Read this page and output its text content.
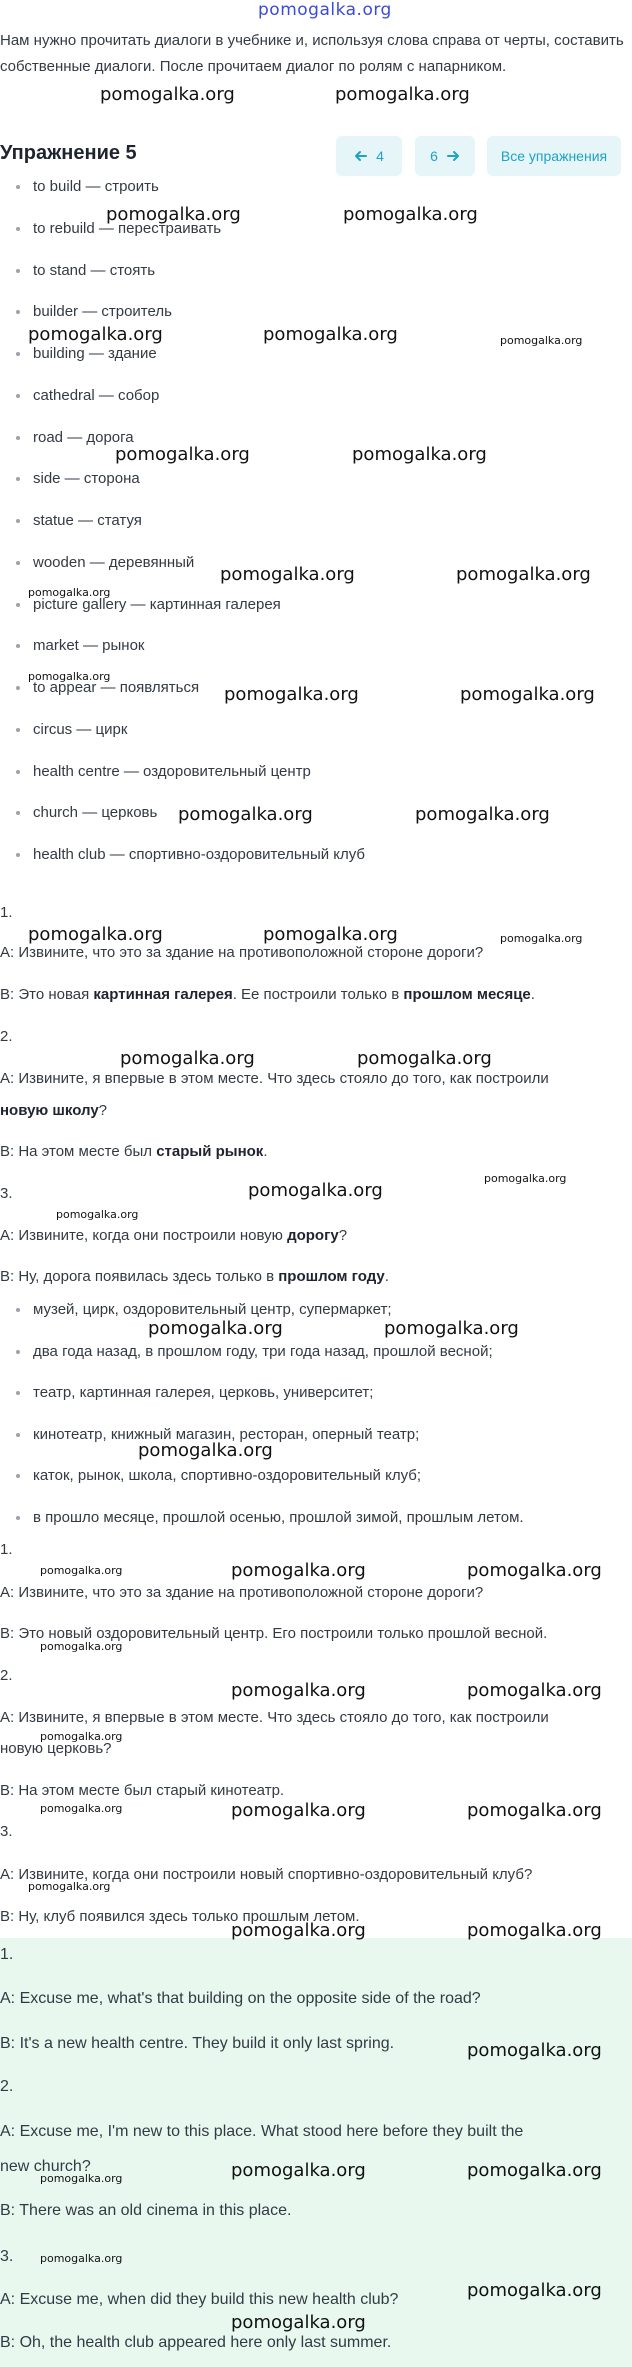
pomogalka.org
Нам нужно прочитать диалоги в учебнике и, используя слова справа от черты, составить собственные диалоги. После прочитаем диалог по ролям с напарником.
Упражнение 5	4	6	Все упражнения
to build — строить
to rebuild — перестраивать
to stand — стоять
builder — строитель
building — здание
cathedral — собор
road — дорога
side — сторона
statue — статуя
wooden — деревянный
picture gallery — картинная галерея
market — рынок
to appear — появляться
circus — цирк
health centre — оздоровительный центр
church — церковь
health club — спортивно-оздоровительный клуб
1.
А: Извините, что это за здание на противоположной стороне дороги?
В: Это новая картинная галерея. Ее построили только в прошлом месяце.
2.
А: Извините, я впервые в этом месте. Что здесь стояло до того, как построили
новую школу?
В: На этом месте был старый рынок.
3.
А: Извините, когда они построили новую дорогу?
В: Ну, дорога появилась здесь только в прошлом году.
музей, цирк, оздоровительный центр, супермаркет;
два года назад, в прошлом году, три года назад, прошлой весной;
театр, картинная галерея, церковь, университет;
кинотеатр, книжный магазин, ресторан, оперный театр;
каток, рынок, школа, спортивно-оздоровительный клуб;
в прошло месяце, прошлой осенью, прошлой зимой, прошлым летом.
1.
А: Извините, что это за здание на противоположной стороне дороги?
В: Это новый оздоровительный центр. Его построили только прошлой весной.
2.
А: Извините, я впервые в этом месте. Что здесь стояло до того, как построили
новую церковь?
В: На этом месте был старый кинотеатр.
3.
А: Извините, когда они построили новый спортивно-оздоровительный клуб?
В: Ну, клуб появился здесь только прошлым летом.
1.
A: Excuse me, what's that building on the opposite side of the road?
B: It's a new health centre. They build it only last spring.
2.
A: Excuse me, I'm new to this place. What stood here before they built the
new church?
B: There was an old cinema in this place.
3.
A: Excuse me, when did they build this new health club?
B: Oh, the health club appeared here only last summer.
pomogalka.org	pomogalka.org
pomogalka.org	pomogalka.org
pomogalka.org	pomogalka.org	pomogalka.org
pomogalka.org	pomogalka.org
pomogalka.org	pomogalka.org
pomogalka.org
pomogalka.org
pomogalka.org	pomogalka.org
pomogalka.org	pomogalka.org
pomogalka.org	pomogalka.org	pomogalka.org
pomogalka.org	pomogalka.org
pomogalka.org
pomogalka.org
pomogalka.org
pomogalka.org	pomogalka.org
pomogalka.org
pomogalka.org	pomogalka.org	pomogalka.org
pomogalka.org
pomogalka.org	pomogalka.org
pomogalka.org
pomogalka.org	pomogalka.org	pomogalka.org
pomogalka.org
pomogalka.org	pomogalka.org
pomogalka.org
pomogalka.org	pomogalka.org	pomogalka.org
pomogalka.org
pomogalka.org
pomogalka.org
